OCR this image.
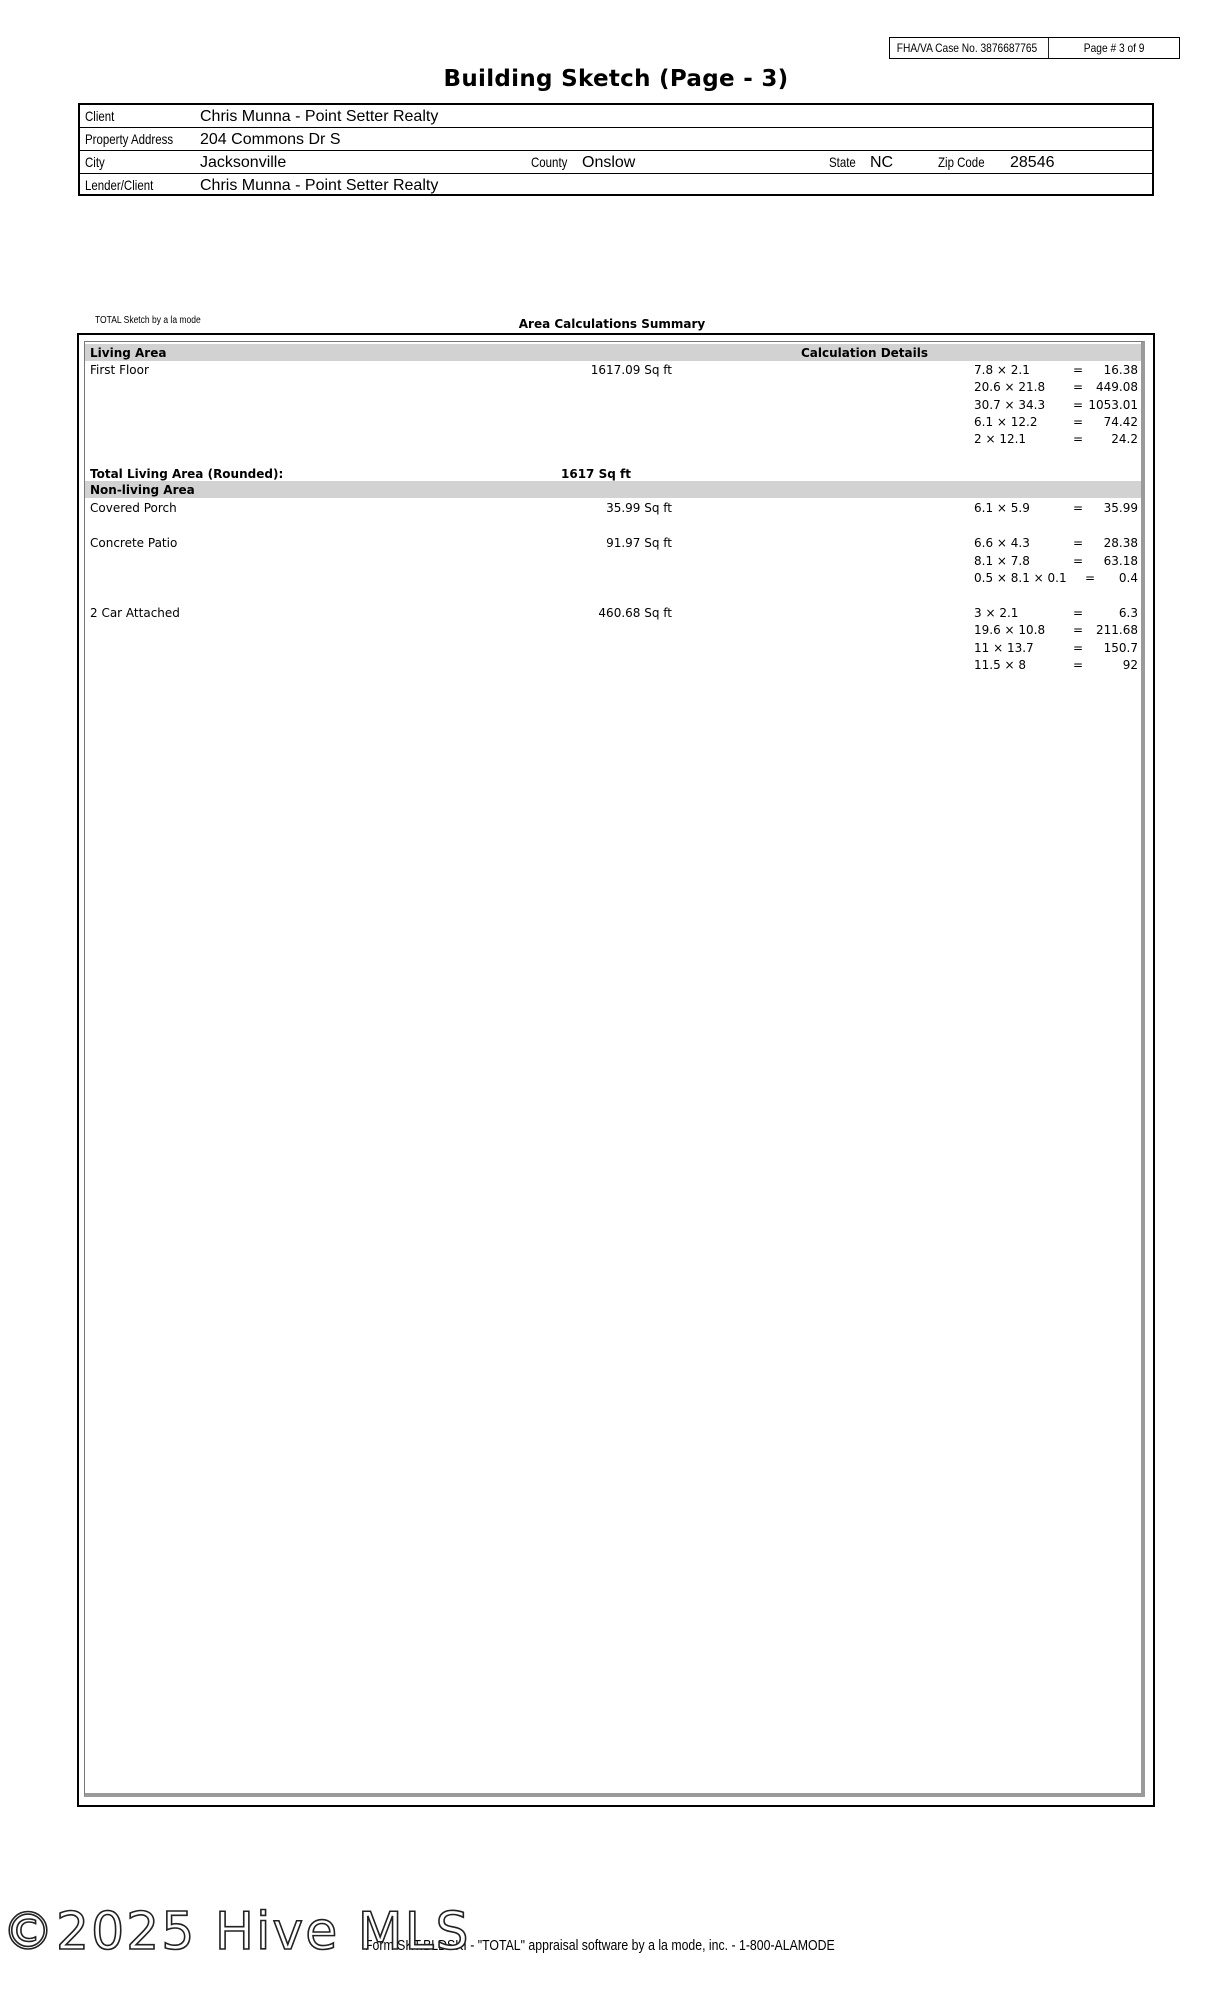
FHA/VA Case No. 3876687765	Page # 3 of 9
Building Sketch (Page - 3)
Client	Chris Munna - Point Setter Realty
Property Address 204 Commons Dr S
City	Jacksonville	County Onslow	State NC	Zip Code 28546
Lender/Client	Chris Munna - Point Setter Realty
TOTAL Sketch by a la mode	Area Calculations Summary
Living Area	Calculation Details
First Floor	1617.09 Sq ft	7.8 × 2.1	=	16.38
20.6 × 21.8 =	449.08
30.7 × 34.3 = 1053.01
6.1 × 12.2	=	74.42
2 × 12.1	=	24.2
Total Living Area (Rounded):	1617 Sq ft
Non-living Area
Covered Porch	35.99 Sq ft	6.1 × 5.9	=	35.99
Concrete Patio	91.97 Sq ft	6.6 × 4.3	=	28.38
8.1 × 7.8	=	63.18
0.5 × 8.1 × 0.1 =	0.4
2 Car Attached	460.68 Sq ft	3 × 2.1	=	6.3
19.6 × 10.8 =	211.68
11 × 13.7	=	150.7
11.5 × 8	=	92
Form SKT.BLDSKI - "TOTAL" appraisal software by a la mode, inc. - 1-800-ALAMODE
©2025 Hive MLS
